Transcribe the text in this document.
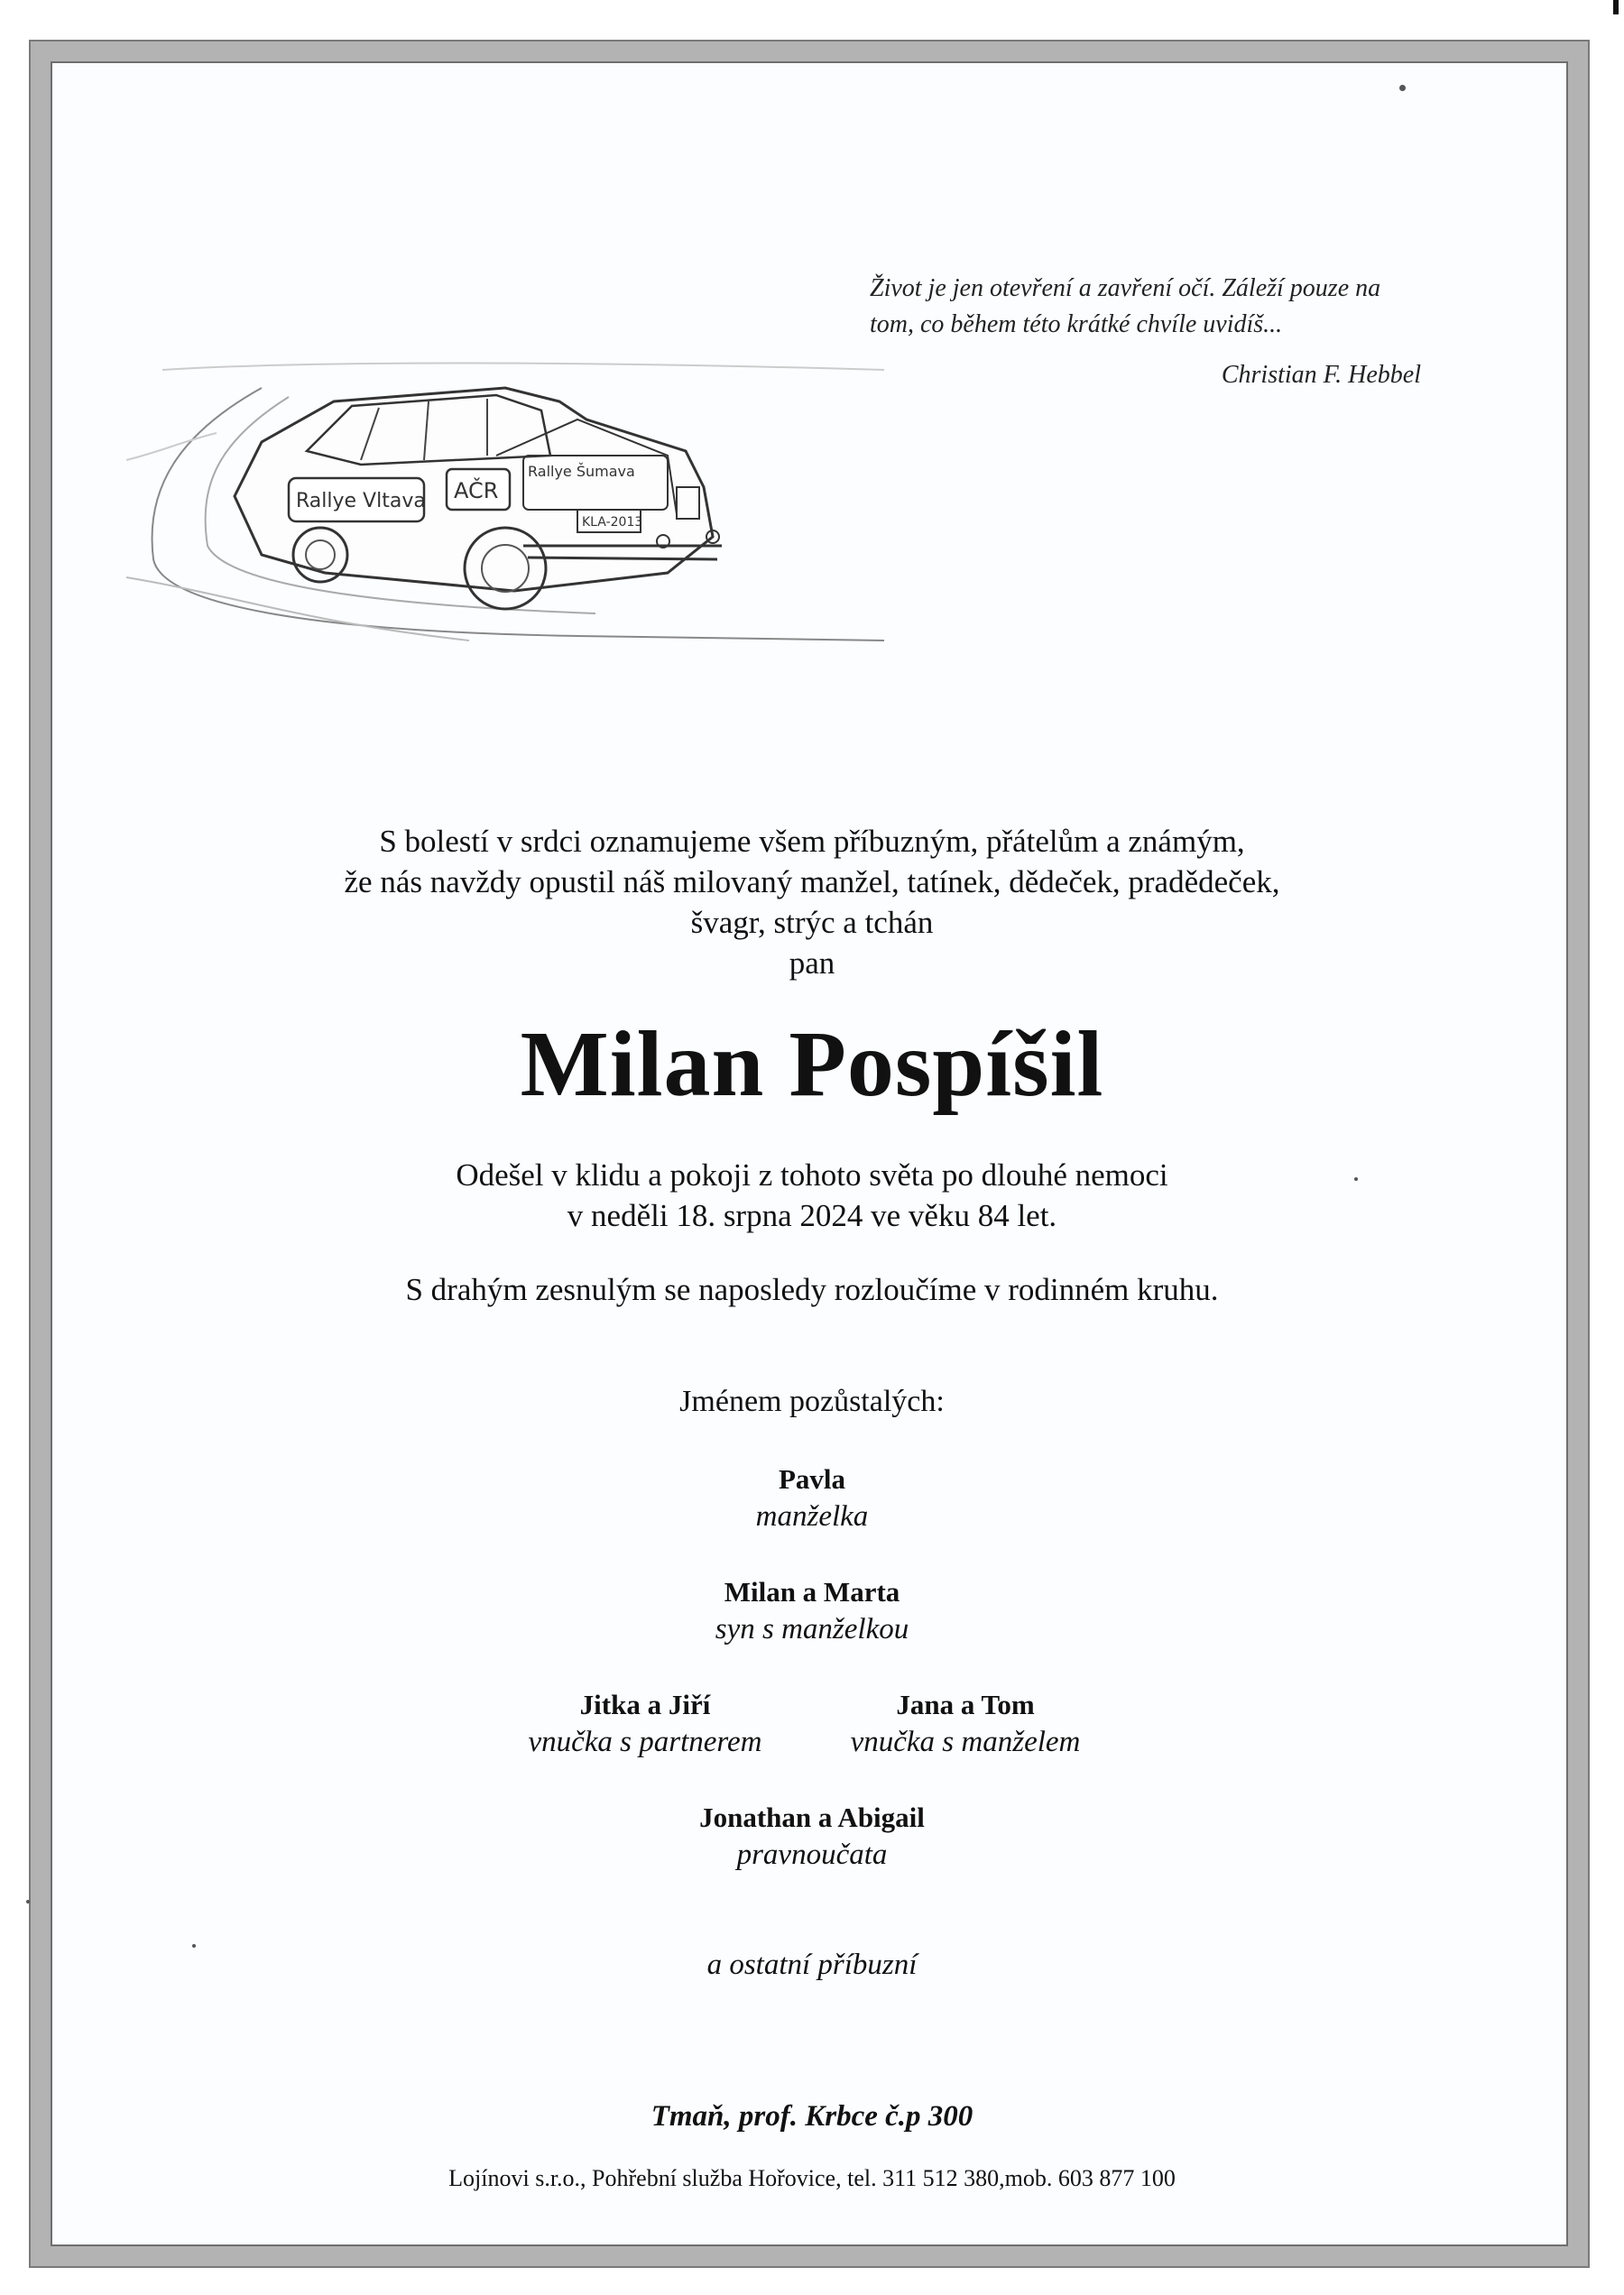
Život je jen otevření a zavření očí. Záleží pouze na tom, co během této krátké chvíle uvidíš...
Christian F. Hebbel
Rallye Vltava AČR
Rallye Šumava
KLA-2013
S bolestí v srdci oznamujeme všem příbuzným, přátelům a známým,
že nás navždy opustil náš milovaný manžel, tatínek, dědeček, pradědeček,
švagr, strýc a tchán
pan
Milan Pospíšil
Odešel v klidu a pokoji z tohoto světa po dlouhé nemoci
v neděli 18. srpna 2024 ve věku 84 let.
S drahým zesnulým se naposledy rozloučíme v rodinném kruhu.
Jménem pozůstalých:
Pavla
manželka
Milan a Marta
syn s manželkou
Jitka a Jiří
vnučka s partnerem
Jana a Tom
vnučka s manželem
Jonathan a Abigail
pravnoučata
a ostatní příbuzní
Tmaň, prof. Krbce č.p 300
Lojínovi s.r.o., Pohřební služba Hořovice, tel. 311 512 380,mob. 603 877 100
